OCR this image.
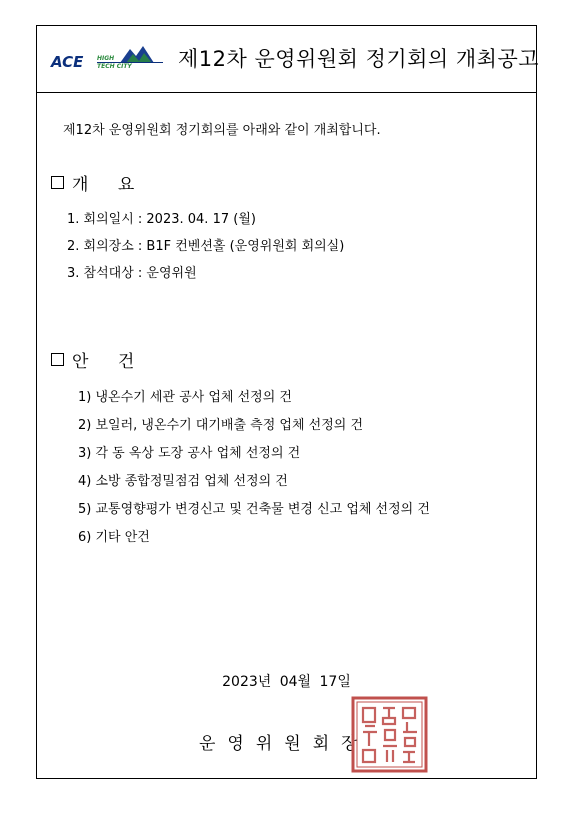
ACE HIGH
TECH CITY 제12차 운영위원회 정기회의 개최공고
제12차 운영위원회 정기회의를 아래와 같이 개최합니다.
개 요
1. 회의일시 : 2023. 04. 17 (월)
2. 회의장소 : B1F 컨벤션홀 (운영위원회 회의실)
3. 참석대상 : 운영위원
안 건
1) 냉온수기 세관 공사 업체 선정의 건
2) 보일러, 냉온수기 대기배출 측정 업체 선정의 건
3) 각 동 옥상 도장 공사 업체 선정의 건
4) 소방 종합정밀점검 업체 선정의 건
5) 교통영향평가 변경신고 및 건축물 변경 신고 업체 선정의 건
6) 기타 안건
2023년 04월 17일
운영위원회장
